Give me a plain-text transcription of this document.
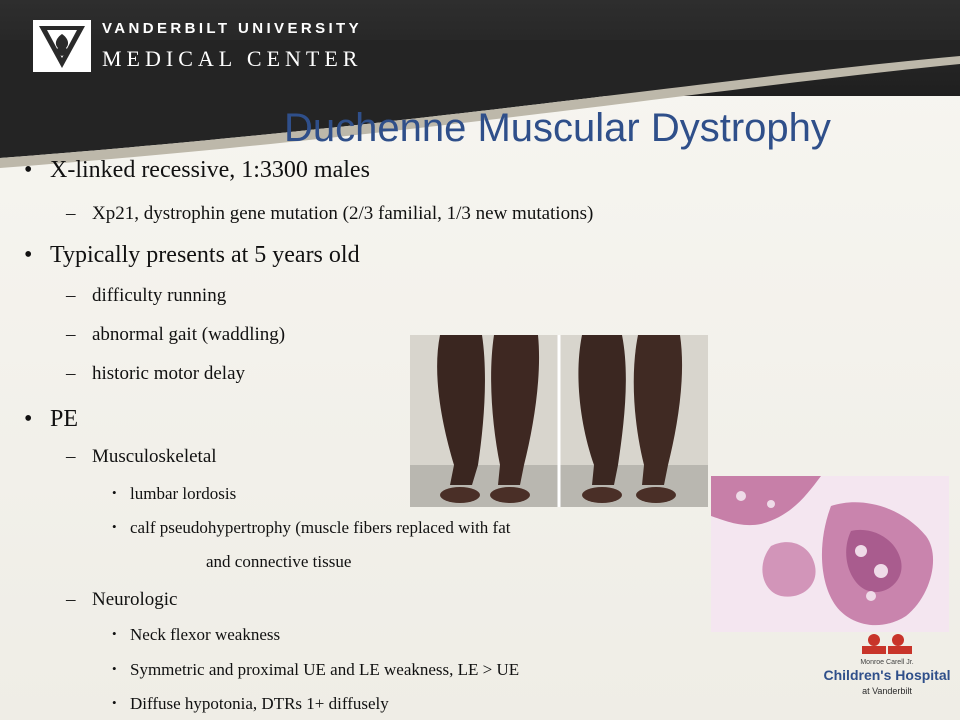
VANDERBILT UNIVERSITY
MEDICAL CENTER
Duchenne Muscular Dystrophy
• X-linked recessive, 1:3300 males
– Xp21, dystrophin gene mutation (2/3 familial, 1/3 new mutations)
• Typically presents at 5 years old
– difficulty running
– abnormal gait (waddling)
– historic motor delay
• PE
– Musculoskeletal
• lumbar lordosis
• calf pseudohypertrophy (muscle fibers replaced with fat
and connective tissue
– Neurologic
• Neck flexor weakness
• Symmetric and proximal UE and LE weakness, LE > UE
• Diffuse hypotonia, DTRs 1+ diffusely
Monroe Carell Jr.
Children's Hospital
at Vanderbilt
